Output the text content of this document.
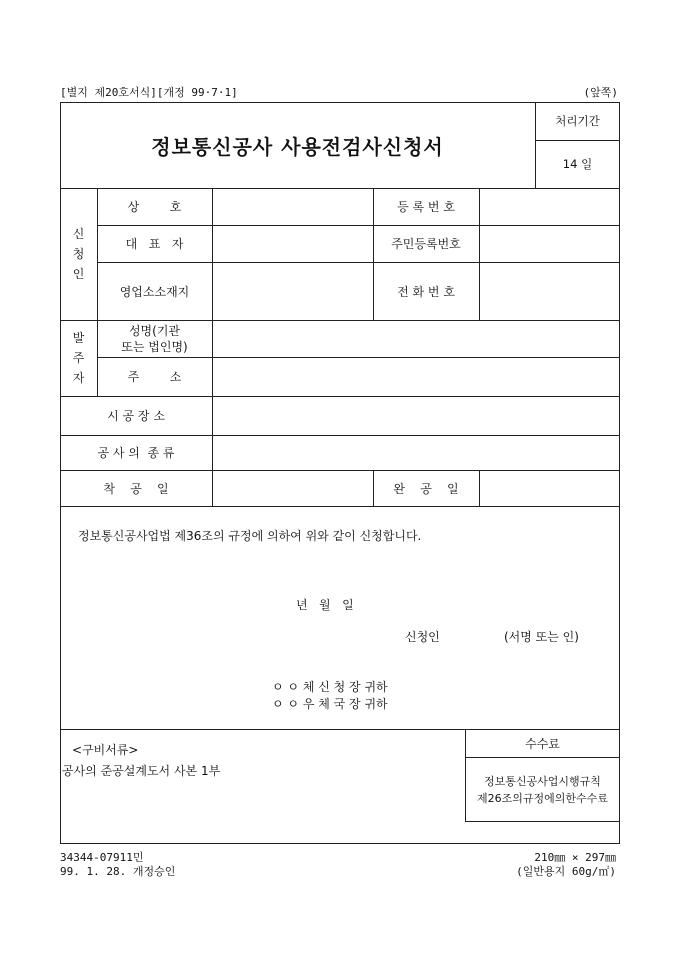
[별지 제20호서식][개정 99·7·1]	(앞쪽)
정보통신공사 사용전검사신청서
처리기간
14 일
신
청
인
상        호	등 록 번 호
대   표   자	주민등록번호
영업소소재지	전 화 번 호
발
주
자
성명(기관
또는 법인명)
주        소
시 공 장 소
공 사 의  종 류
착    공    일	완    공    일
정보통신공사업법 제36조의 규정에 의하여 위와 같이 신청합니다.
년   월   일
신청인	(서명 또는 인)
ㅇ ㅇ 체 신 청 장 귀하
ㅇ ㅇ 우 체 국 장 귀하
<구비서류>
공사의 준공설계도서 사본 1부
수수료
정보통신공사업시행규칙
제26조의규정에의한수수료
34344-07911민
99. 1. 28. 개정승인
210㎜ × 297㎜
(일반용지 60g/㎡)
